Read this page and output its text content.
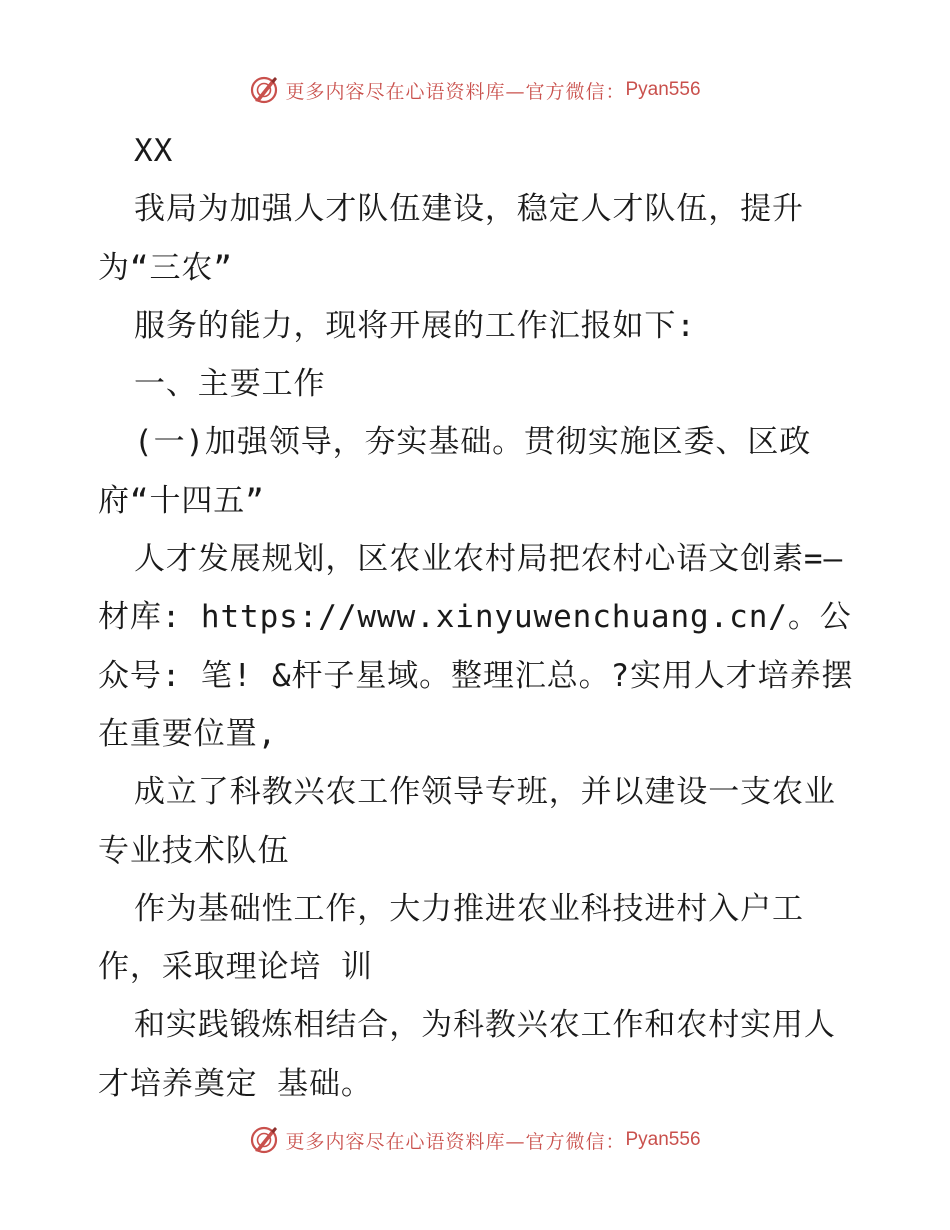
更多内容尽在心语资料库—官方微信： Pyan556

XX

我局为加强人才队伍建设，稳定人才队伍，提升为“三农”

服务的能力，现将开展的工作汇报如下:

一、主要工作

(一)加强领导，夯实基础。贯彻实施区委、区政府“十四五”

人才发展规划，区农业农村局把农村心语文创素=—材库: https://www.xinyuwenchuang.cn/。公众号: 笔! &杆子星域。整理汇总。?实用人才培养摆在重要位置,

成立了科教兴农工作领导专班，并以建设一支农业专业技术队伍

作为基础性工作，大力推进农业科技进村入户工作，采取理论培 训

和实践锻炼相结合，为科教兴农工作和农村实用人才培养奠定 基础。

更多内容尽在心语资料库—官方微信： Pyan556
